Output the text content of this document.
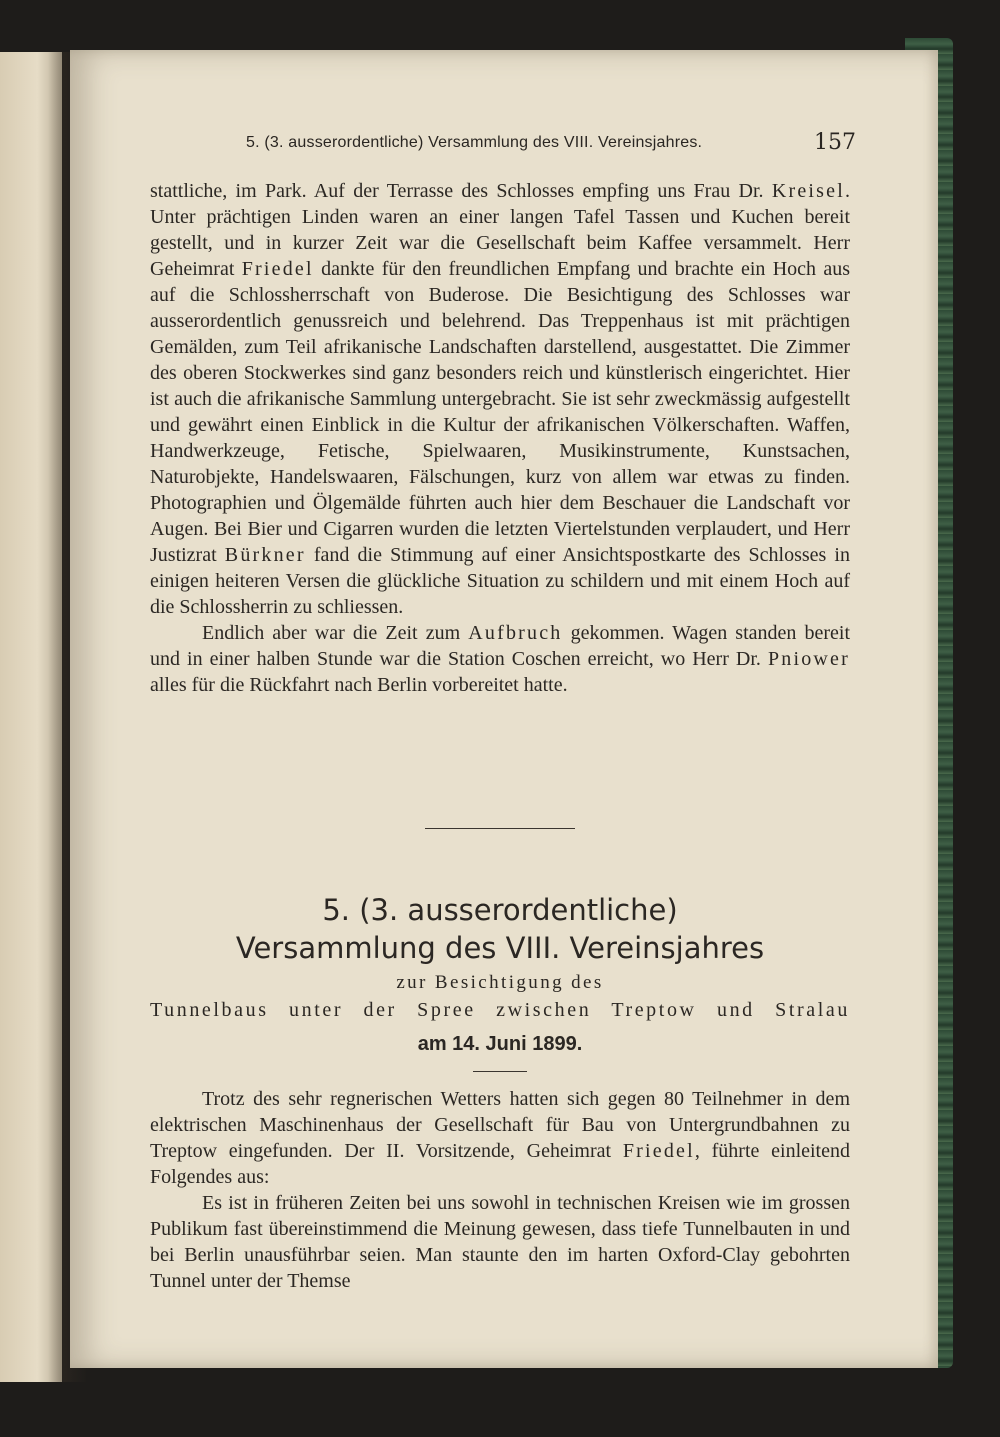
5. (3. ausserordentliche) Versammlung des VIII. Vereinsjahres.	157

stattliche, im Park. Auf der Terrasse des Schlosses empfing uns Frau Dr. Kreisel. Unter prächtigen Linden waren an einer langen Tafel Tassen und Kuchen bereit gestellt, und in kurzer Zeit war die Gesellschaft beim Kaffee versammelt. Herr Geheimrat Friedel dankte für den freundlichen Empfang und brachte ein Hoch aus auf die Schlossherrschaft von Buderose. Die Besichtigung des Schlosses war ausserordentlich genussreich und belehrend. Das Treppenhaus ist mit prächtigen Gemälden, zum Teil afrikanische Landschaften darstellend, ausgestattet. Die Zimmer des oberen Stockwerkes sind ganz besonders reich und künstlerisch eingerichtet. Hier ist auch die afrikanische Sammlung untergebracht. Sie ist sehr zweckmässig aufgestellt und gewährt einen Einblick in die Kultur der afrikanischen Völkerschaften. Waffen, Handwerkzeuge, Fetische, Spielwaaren, Musikinstrumente, Kunstsachen, Naturobjekte, Handelswaaren, Fälschungen, kurz von allem war etwas zu finden. Photographien und Ölgemälde führten auch hier dem Beschauer die Landschaft vor Augen. Bei Bier und Cigarren wurden die letzten Viertelstunden verplaudert, und Herr Justizrat Bürkner fand die Stimmung auf einer Ansichtspostkarte des Schlosses in einigen heiteren Versen die glückliche Situation zu schildern und mit einem Hoch auf die Schlossherrin zu schliessen.

Endlich aber war die Zeit zum Aufbruch gekommen. Wagen standen bereit und in einer halben Stunde war die Station Coschen erreicht, wo Herr Dr. Pniower alles für die Rückfahrt nach Berlin vorbereitet hatte.

5. (3. ausserordentliche)
Versammlung des VIII. Vereinsjahres
zur Besichtigung des
Tunnelbaus unter der Spree zwischen Treptow und Stralau
am 14. Juni 1899.

Trotz des sehr regnerischen Wetters hatten sich gegen 80 Teilnehmer in dem elektrischen Maschinenhaus der Gesellschaft für Bau von Untergrundbahnen zu Treptow eingefunden. Der II. Vorsitzende, Geheimrat Friedel, führte einleitend Folgendes aus:

Es ist in früheren Zeiten bei uns sowohl in technischen Kreisen wie im grossen Publikum fast übereinstimmend die Meinung gewesen, dass tiefe Tunnelbauten in und bei Berlin unausführbar seien. Man staunte den im harten Oxford-Clay gebohrten Tunnel unter der Themse
